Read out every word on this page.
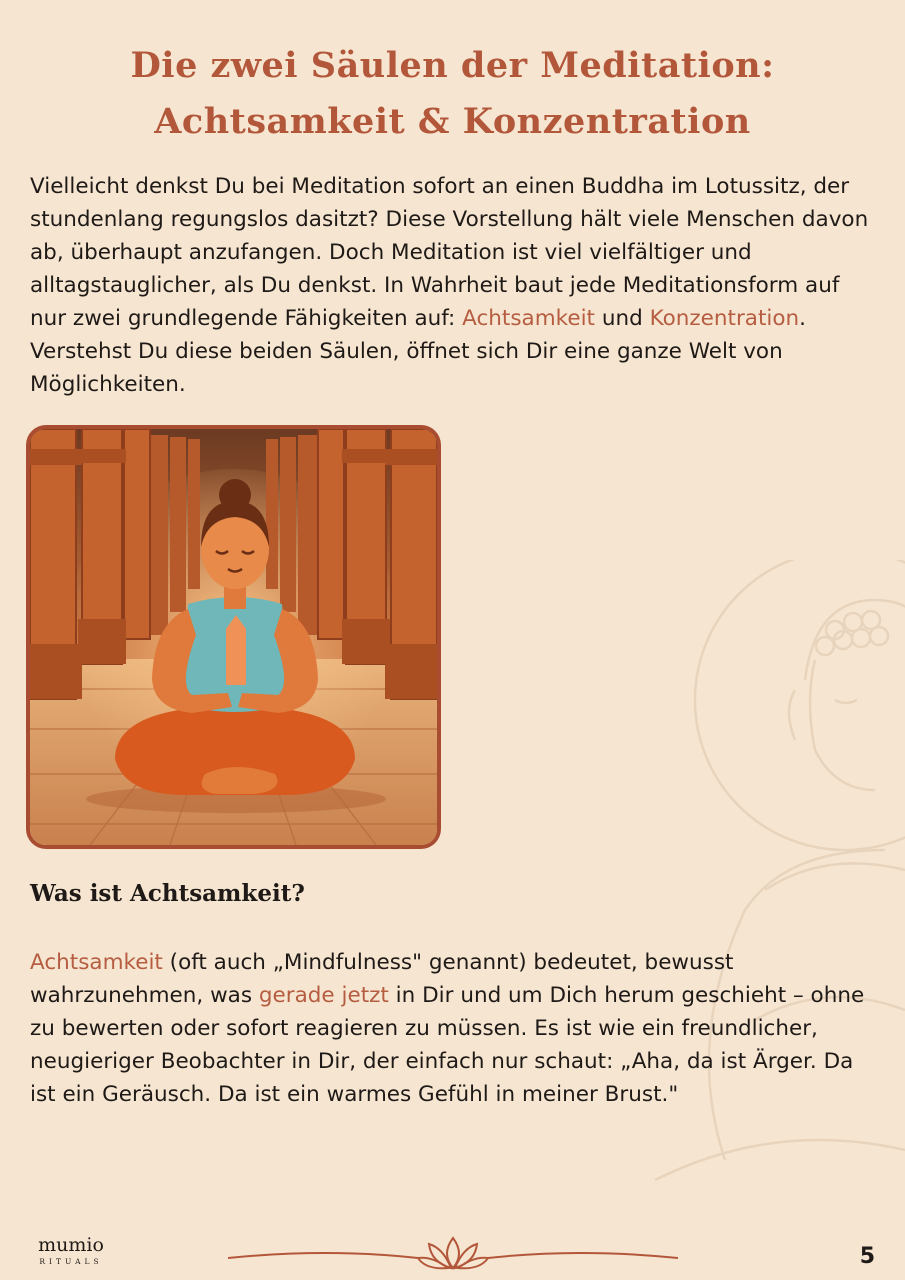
Die zwei Säulen der Meditation:
Achtsamkeit & Konzentration

Vielleicht denkst Du bei Meditation sofort an einen Buddha im Lotussitz, der stundenlang regungslos dasitzt? Diese Vorstellung hält viele Menschen davon ab, überhaupt anzufangen. Doch Meditation ist viel vielfältiger und alltagstauglicher, als Du denkst. In Wahrheit baut jede Meditationsform auf nur zwei grundlegende Fähigkeiten auf: Achtsamkeit und Konzentration. Verstehst Du diese beiden Säulen, öffnet sich Dir eine ganze Welt von Möglichkeiten.

Was ist Achtsamkeit?

Achtsamkeit (oft auch „Mindfulness" genannt) bedeutet, bewusst wahrzunehmen, was gerade jetzt in Dir und um Dich herum geschieht – ohne zu bewerten oder sofort reagieren zu müssen. Es ist wie ein freundlicher, neugieriger Beobachter in Dir, der einfach nur schaut: „Aha, da ist Ärger. Da ist ein Geräusch. Da ist ein warmes Gefühl in meiner Brust."

mumio
RITUALS	5
